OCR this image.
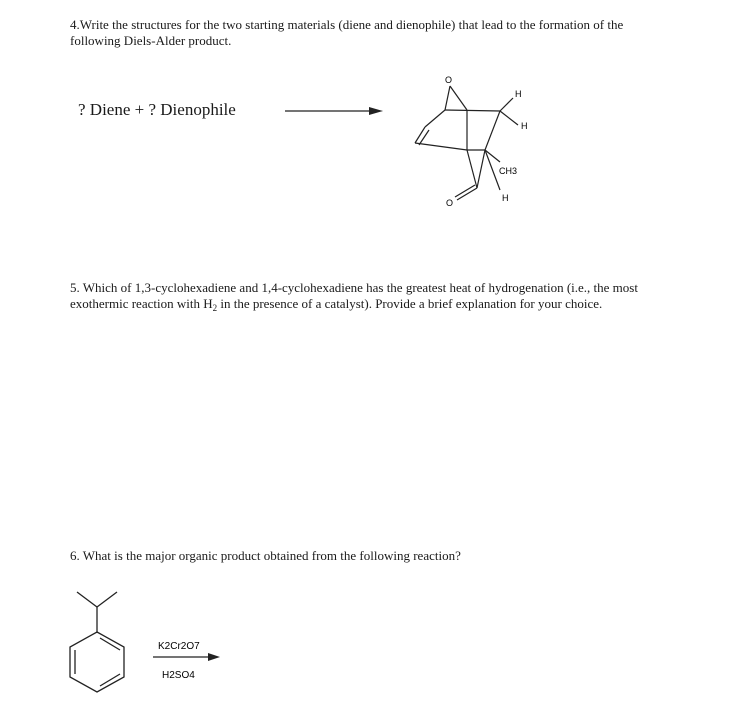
4.Write the structures for the two starting materials (diene and dienophile) that lead to the formation of the following Diels-Alder product.
? Diene + ? Dienophile
O
H
H
CH3
H
O
5. Which of 1,3-cyclohexadiene and 1,4-cyclohexadiene has the greatest heat of hydrogenation (i.e., the most exothermic reaction with $H_2$ in the presence of a catalyst). Provide a brief explanation for your choice.
6. What is the major organic product obtained from the following reaction?
K2Cr2O7
H2SO4
